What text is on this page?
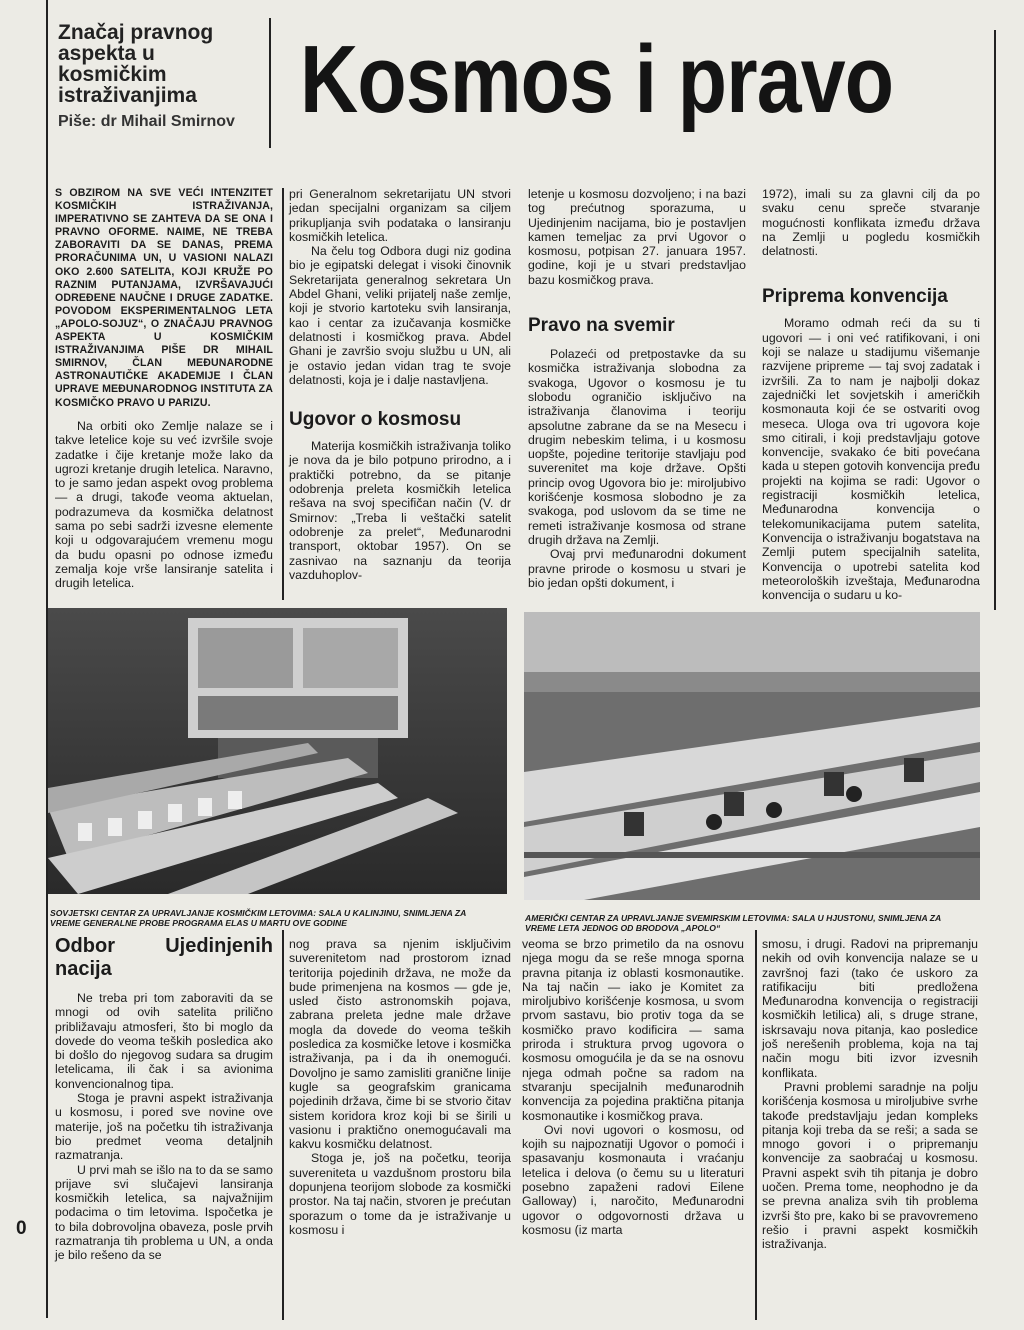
Značaj pravnog aspekta u kosmičkim istraživanjima
Piše: dr Mihail Smirnov Kosmos i pravo
S OBZIROM NA SVE VEĆI INTENZITET KOSMIČKIH ISTRAŽIVANJA, IMPERATIVNO SE ZAHTEVA DA SE ONA I PRAVNO OFORME. NAIME, NE TREBA ZABORAVITI DA SE DANAS, PREMA PRORAČUNIMA UN, U VASIONI NALAZI OKO 2.600 SATELITA, KOJI KRUŽE PO RAZNIM PUTANJAMA, IZVRŠAVAJUĆI ODREĐENE NAUČNE I DRUGE ZADATKE. POVODOM EKSPERIMENTALNOG LETA „APOLO-SOJUZ“, O ZNAČAJU PRAVNOG ASPEKTA U KOSMIČKIM ISTRAŽIVANJIMA PIŠE DR MIHAIL SMIRNOV, ČLAN MEĐUNARODNE ASTRONAUTIČKE AKADEMIJE I ČLAN UPRAVE MEĐUNARODNOG INSTITUTA ZA KOSMIČKO PRAVO U PARIZU.

Na orbiti oko Zemlje nalaze se i takve letelice koje su već izvršile svoje zadatke i čije kretanje može lako da ugrozi kretanje drugih letelica. Naravno, to je samo jedan aspekt ovog problema — a drugi, takođe veoma aktuelan, podrazumeva da kosmička delatnost sama po sebi sadrži izvesne elemente koji u odgovarajućem vremenu mogu da budu opasni po odnose između zemalja koje vrše lansiranje satelita i drugih letelica.

pri Generalnom sekretarijatu UN stvori jedan specijalni organizam sa ciljem prikupljanja svih podataka o lansiranju kosmičkih letelica.

Na čelu tog Odbora dugi niz godina bio je egipatski delegat i visoki činovnik Sekretarijata generalnog sekretara Un Abdel Ghani, veliki prijatelj naše zemlje, koji je stvorio kartoteku svih lansiranja, kao i centar za izučavanja kosmičke delatnosti i kosmičkog prava. Abdel Ghani je završio svoju službu u UN, ali je ostavio jedan vidan trag te svoje delatnosti, koja je i dalje nastavljena.

Ugovor o kosmosu

Materija kosmičkih istraživanja toliko je nova da je bilo potpuno prirodno, a i praktički potrebno, da se pitanje odobrenja preleta kosmičkih letelica rešava na svoj specifičan način (V. dr Smirnov: „Treba li veštački satelit odobrenje za prelet“, Međunarodni transport, oktobar 1957). On se zasnivao na saznanju da teorija vazduhoplov-

letenje u kosmosu dozvoljeno; i na bazi tog prećutnog sporazuma, u Ujedinjenim nacijama, bio je postavljen kamen temeljac za prvi Ugovor o kosmosu, potpisan 27. januara 1957. godine, koji je u stvari predstavljao bazu kosmičkog prava.

Pravo na svemir

Polazeći od pretpostavke da su kosmička istraživanja slobodna za svakoga, Ugovor o kosmosu je tu slobodu ograničio isključivo na istraživanja članovima i teoriju apsolutne zabrane da se na Mesecu i drugim nebeskim telima, i u kosmosu uopšte, pojedine teritorije stavljaju pod suverenitet ma koje države. Opšti princip ovog Ugovora bio je: miroljubivo korišćenje kosmosa slobodno je za svakoga, pod uslovom da se time ne remeti istraživanje kosmosa od strane drugih država na Zemlji.

Ovaj prvi međunarodni dokument pravne prirode o kosmosu u stvari je bio jedan opšti dokument, i

1972), imali su za glavni cilj da po svaku cenu spreče stvaranje mogućnosti konflikata između država na Zemlji u pogledu kosmičkih delatnosti.

Priprema konvencija

Moramo odmah reći da su ti ugovori — i oni već ratifikovani, i oni koji se nalaze u stadijumu višemanje razvijene pripreme — taj svoj zadatak i izvršili. Za to nam je najbolji dokaz zajednički let sovjetskih i američkih kosmonauta koji će se ostvariti ovog meseca. Uloga ova tri ugovora koje smo citirali, i koji predstavljaju gotove konvencije, svakako će biti povećana kada u stepen gotovih konvencija pređu projekti na kojima se radi: Ugovor o registraciji kosmičkih letelica, Međunarodna konvencija o telekomunikacijama putem satelita, Konvencija o istraživanju bogatstava na Zemlji putem specijalnih satelita, Konvencija o upotrebi satelita kod meteoroloških izveštaja, Međunarodna konvencija o sudaru u ko-

SOVJETSKI CENTAR ZA UPRAVLJANJE KOSMIČKIM LETOVIMA: SALA U KALINJINU, SNIMLJENA ZA VREME GENERALNE PROBE PROGRAMA ELAS U MARTU OVE GODINE	AMERIČKI CENTAR ZA UPRAVLJANJE SVEMIRSKIM LETOVIMA: SALA U HJUSTONU, SNIMLJENA ZA VREME LETA JEDNOG OD BRODOVA „APOLO“
Odbor Ujedinjenih nacija

Ne treba pri tom zaboraviti da se mnogi od ovih satelita prilično približavaju atmosferi, što bi moglo da dovede do veoma teških posledica ako bi došlo do njegovog sudara sa drugim letelicama, ili čak i sa avionima konvencionalnog tipa.

Stoga je pravni aspekt istraživanja u kosmosu, i pored sve novine ove materije, još na početku tih istraživanja bio predmet veoma detaljnih razmatranja.

U prvi mah se išlo na to da se samo prijave svi slučajevi lansiranja kosmičkih letelica, sa najvažnijim podacima o tim letovima. Ispočetka je to bila dobrovoljna obaveza, posle prvih razmatranja tih problema u UN, a onda je bilo rešeno da se

nog prava sa njenim isključivim suverenitetom nad prostorom iznad teritorija pojedinih država, ne može da bude primenjena na kosmos — gde je, usled čisto astronomskih pojava, zabrana preleta jedne male države mogla da dovede do veoma teških posledica za kosmičke letove i kosmička istraživanja, pa i da ih onemogući. Dovoljno je samo zamisliti graničnе linije kugle sa geografskim granicama pojedinih država, čime bi se stvorio čitav sistem koridora kroz koji bi se širili u vasionu i praktično onemogućavali ma kakvu kosmičku delatnost.

Stoga je, još na početku, teorija suvereniteta u vazdušnom prostoru bila dopunjena teorijom slobode za kosmički prostor. Na taj način, stvoren je prećutan sporazum o tome da je istraživanje u kosmosu i

veoma se brzo primetilo da na osnovu njega mogu da se reše mnoga sporna pravna pitanja iz oblasti kosmonautike. Na taj način — iako je Komitet za miroljubivo korišćenje kosmosa, u svom prvom sastavu, bio protiv toga da se kosmičko pravo kodificira — sama priroda i struktura prvog ugovora o kosmosu omogućila je da se na osnovu njega odmah počne sa radom na stvaranju specijalnih međunarodnih konvencija za pojedina praktična pitanja kosmonautike i kosmičkog prava.

Ovi novi ugovori o kosmosu, od kojih su najpoznatiji Ugovor o pomoći i spasavanju kosmonauta i vraćanju letelica i delova (o čemu su u literaturi posebno zapaženi radovi Eilene Galloway) i, naročito, Međunarodni ugovor o odgovornosti država u kosmosu (iz marta

smosu, i drugi. Radovi na pripremanju nekih od ovih konvencija nalaze se u završnoj fazi (tako će uskoro za ratifikaciju biti predložena Međunarodna konvencija o registraciji kosmičkih letilica) ali, s druge strane, iskrsavaju nova pitanja, kao posledice još nerešenih problema, koja na taj način mogu biti izvor izvesnih konflikata.

Pravni problemi saradnje na polju korišćenja kosmosa u miroljubive svrhe takođe predstavljaju jedan kompleks pitanja koji treba da se reši; a sada se mnogo govori i o pripremanju konvencije za saobraćaj u kosmosu. Pravni aspekt svih tih pitanja je dobro uočen. Prema tome, neophodno je da se prevna analiza svih tih problema izvrši što pre, kako bi se pravovremeno rešio i pravni aspekt kosmičkih istraživanja.

0
